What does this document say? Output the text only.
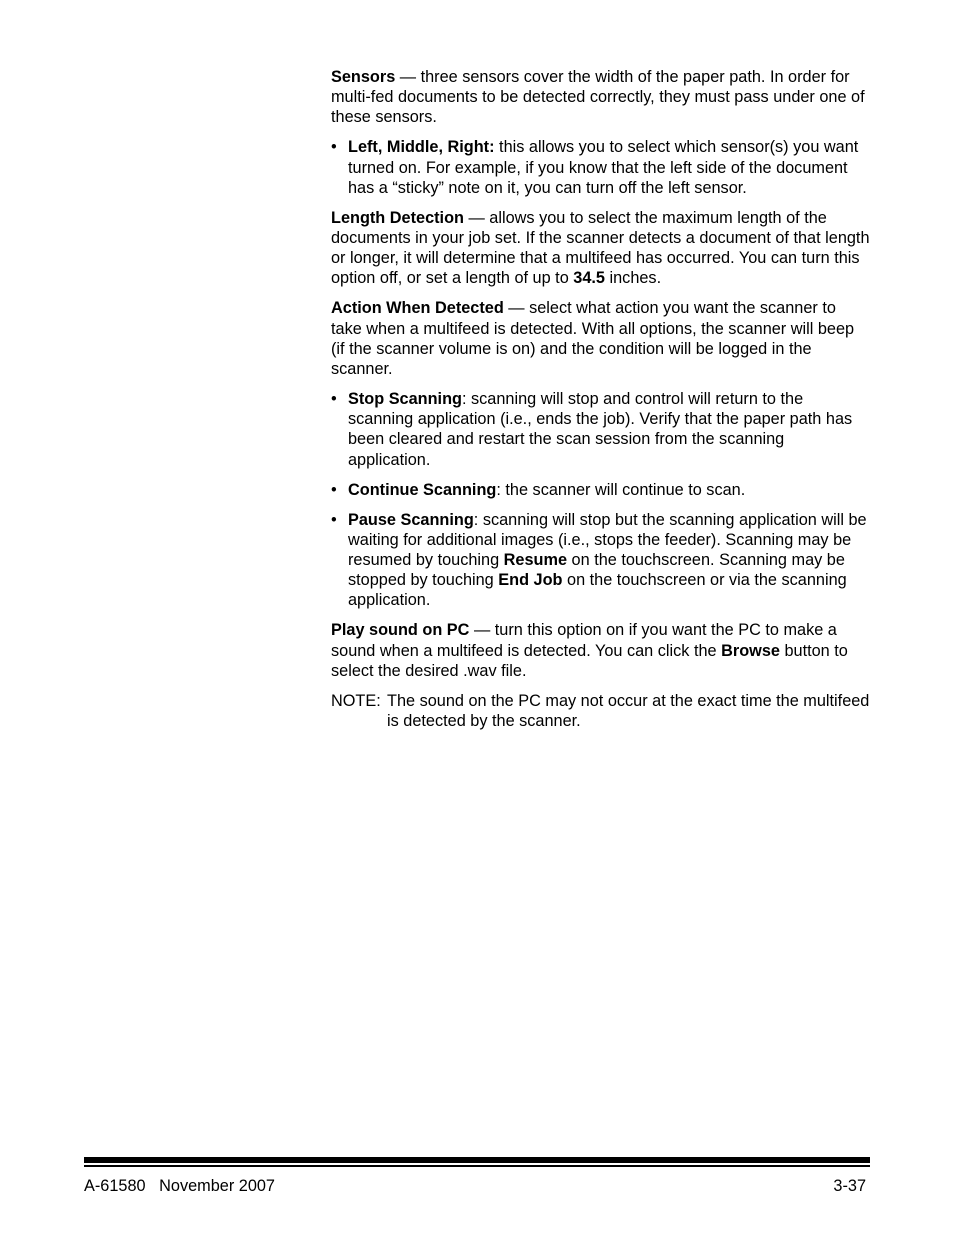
Sensors — three sensors cover the width of the paper path. In order for multi-fed documents to be detected correctly, they must pass under one of these sensors.

• Left, Middle, Right: this allows you to select which sensor(s) you want turned on. For example, if you know that the left side of the document has a “sticky” note on it, you can turn off the left sensor.

Length Detection — allows you to select the maximum length of the documents in your job set. If the scanner detects a document of that length or longer, it will determine that a multifeed has occurred. You can turn this option off, or set a length of up to 34.5 inches.

Action When Detected — select what action you want the scanner to take when a multifeed is detected. With all options, the scanner will beep (if the scanner volume is on) and the condition will be logged in the scanner.

• Stop Scanning: scanning will stop and control will return to the scanning application (i.e., ends the job). Verify that the paper path has been cleared and restart the scan session from the scanning application.
• Continue Scanning: the scanner will continue to scan.
• Pause Scanning: scanning will stop but the scanning application will be waiting for additional images (i.e., stops the feeder). Scanning may be resumed by touching Resume on the touchscreen. Scanning may be stopped by touching End Job on the touchscreen or via the scanning application.

Play sound on PC — turn this option on if you want the PC to make a sound when a multifeed is detected. You can click the Browse button to select the desired .wav file.

NOTE: The sound on the PC may not occur at the exact time the multifeed is detected by the scanner.

A-61580 November 2007	3-37
